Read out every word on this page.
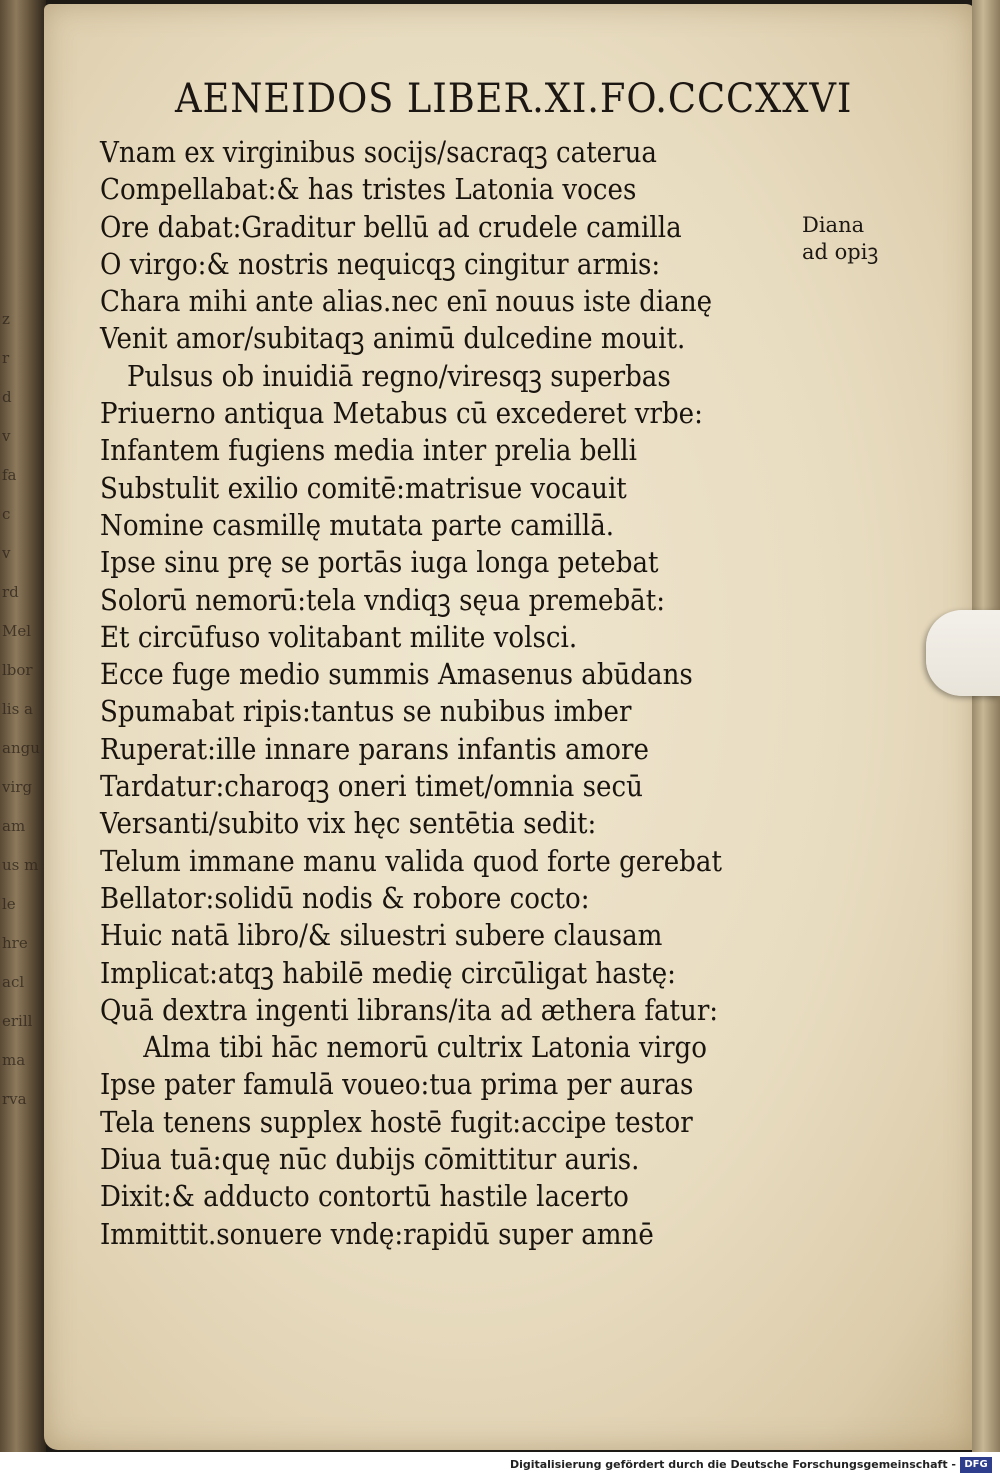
z
r
d
v
fa
c
v
rd
Mel
lbor
lis a
angu
virg
am
us m
le
hre
acl
erill
ma
rva
AENEIDOS LIBER.XI.FO.CCCXXVI
Diana
ad opiꝫ
Vnam ex virginibus socijs/sacraqꝫ caterua
Compellabat:& has tristes Latonia voces
Ore dabat:Graditur bellū ad crudele camilla
O virgo:& nostris nequicqꝫ cingitur armis:
Chara mihi ante alias.nec enī nouus iste dianę
Venit amor/subitaqꝫ animū dulcedine mouit.
Pulsus ob inuidiā regno/viresqꝫ superbas
Priuerno antiqua Metabus cū excederet vrbe:
Infantem fugiens media inter prelia belli
Substulit exilio comitē:matrisue vocauit
Nomine casmillę mutata parte camillā.
Ipse sinu prę se portās iuga longa petebat
Solorū nemorū:tela vndiqꝫ sęua premebāt:
Et circūfuso volitabant milite volsci.
Ecce fuge medio summis Amasenus abūdans
Spumabat ripis:tantus se nubibus imber
Ruperat:ille innare parans infantis amore
Tardatur:charoqꝫ oneri timet/omnia secū
Versanti/subito vix hęc sentētia sedit:
Telum immane manu valida quod forte gerebat
Bellator:solidū nodis & robore cocto:
Huic natā libro/& siluestri subere clausam
Implicat:atqꝫ habilē medię circūligat hastę:
Quā dextra ingenti librans/ita ad æthera fatur:
Alma tibi hāc nemorū cultrix Latonia virgo
Ipse pater famulā voueo:tua prima per auras
Tela tenens supplex hostē fugit:accipe testor
Diua tuā:quę nūc dubijs cōmittitur auris.
Dixit:& adducto contortū hastile lacerto
Immittit.sonuere vndę:rapidū super amnē
Digitalisierung gefördert durch die Deutsche Forschungsgemeinschaft - DFG
